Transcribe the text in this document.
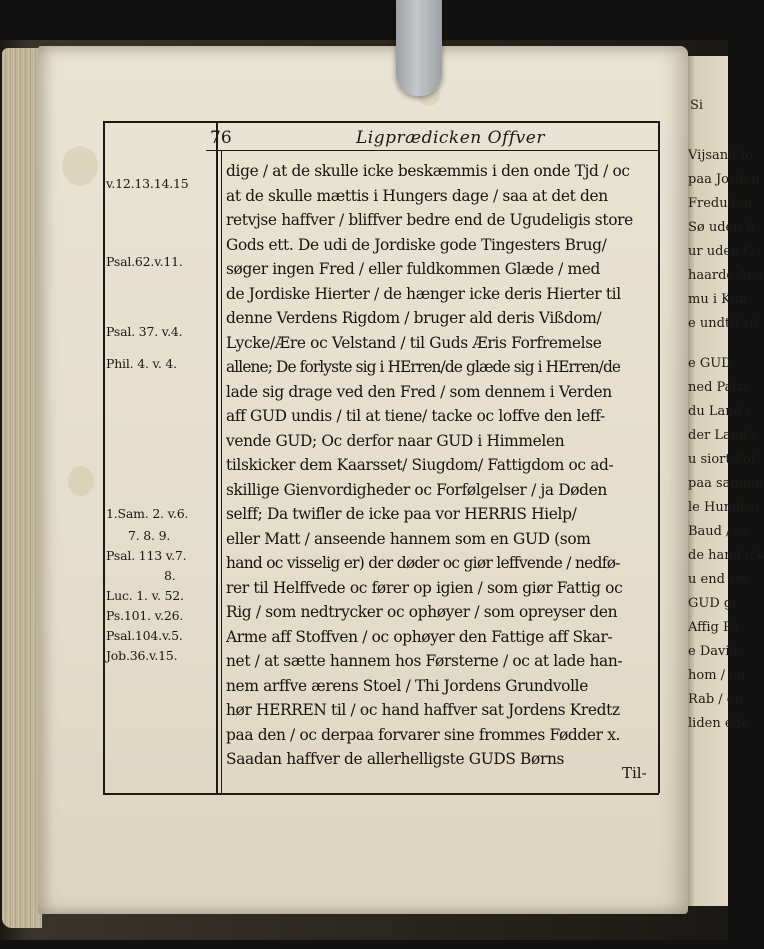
Si
76	Ligprædicken Offver
v.12.13.14.15
Psal.62.v.11.
Psal. 37. v.4.
Phil. 4. v. 4.
1.Sam. 2. v.6.
7. 8. 9.
Psal. 113 v.7.
8.
Luc. 1. v. 52.
Ps.101. v.26.
Psal.104.v.5.
Job.36.v.15.
dige / at de skulle icke beskæmmis i den onde Tjd / oc
at de skulle mættis i Hungers dage / saa at det den
retvjse haffver / bliffver bedre end de Ugudeligis store
Gods ett. De udi de Jordiske gode Tingesters Brug/
søger ingen Fred / eller fuldkommen Glæde / med
de Jordiske Hierter / de hænger icke deris Hierter til
denne Verdens Rigdom / bruger ald deris Vißdom/
Lycke/Ære oc Velstand / til Guds Æris Forfremelse
allene; De forlyste sig i HErren/de glæde sig i HErren/de
lade sig drage ved den Fred / som dennem i Verden
aff GUD undis / til at tiene/ tacke oc loffve den leff-
vende GUD; Oc derfor naar GUD i Himmelen
tilskicker dem Kaarsset/ Siugdom/ Fattigdom oc ad-
skillige Gienvordigheder oc Forfølgelser / ja Døden
selff; Da twifler de icke paa vor HERRIS Hielp/
eller Matt / anseende hannem som en GUD (som
hand oc visselig er) der døder oc giør leffvende / nedfø-
rer til Helffvede oc fører op igien / som giør Fattig oc
Rig / som nedtrycker oc ophøyer / som opreyser den
Arme aff Stoffven / oc ophøyer den Fattige aff Skar-
net / at sætte hannem hos Førsterne / oc at lade han-
nem arffve ærens Stoel / Thi Jordens Grundvolle
hør HERREN til / oc hand haffver sat Jordens Kredtz
paa den / oc derpaa forvarer sine frommes Fødder x.
Saadan haffver de allerhelligste GUDS Børns
Til-
Vijsand fo
paa Jorden
Freduden
Sø uden S
ur uden G
haarde Ans
mu i Kun
e undtil sit
e GUD
ned Patri
du Land /
der Land /
u siort Fol
paa samme
le Hundret
Baud / oc
de hand ick
u end sty
GUD gi
Affig Pa
e Davids
hom / en
Rab / en
liden effe
